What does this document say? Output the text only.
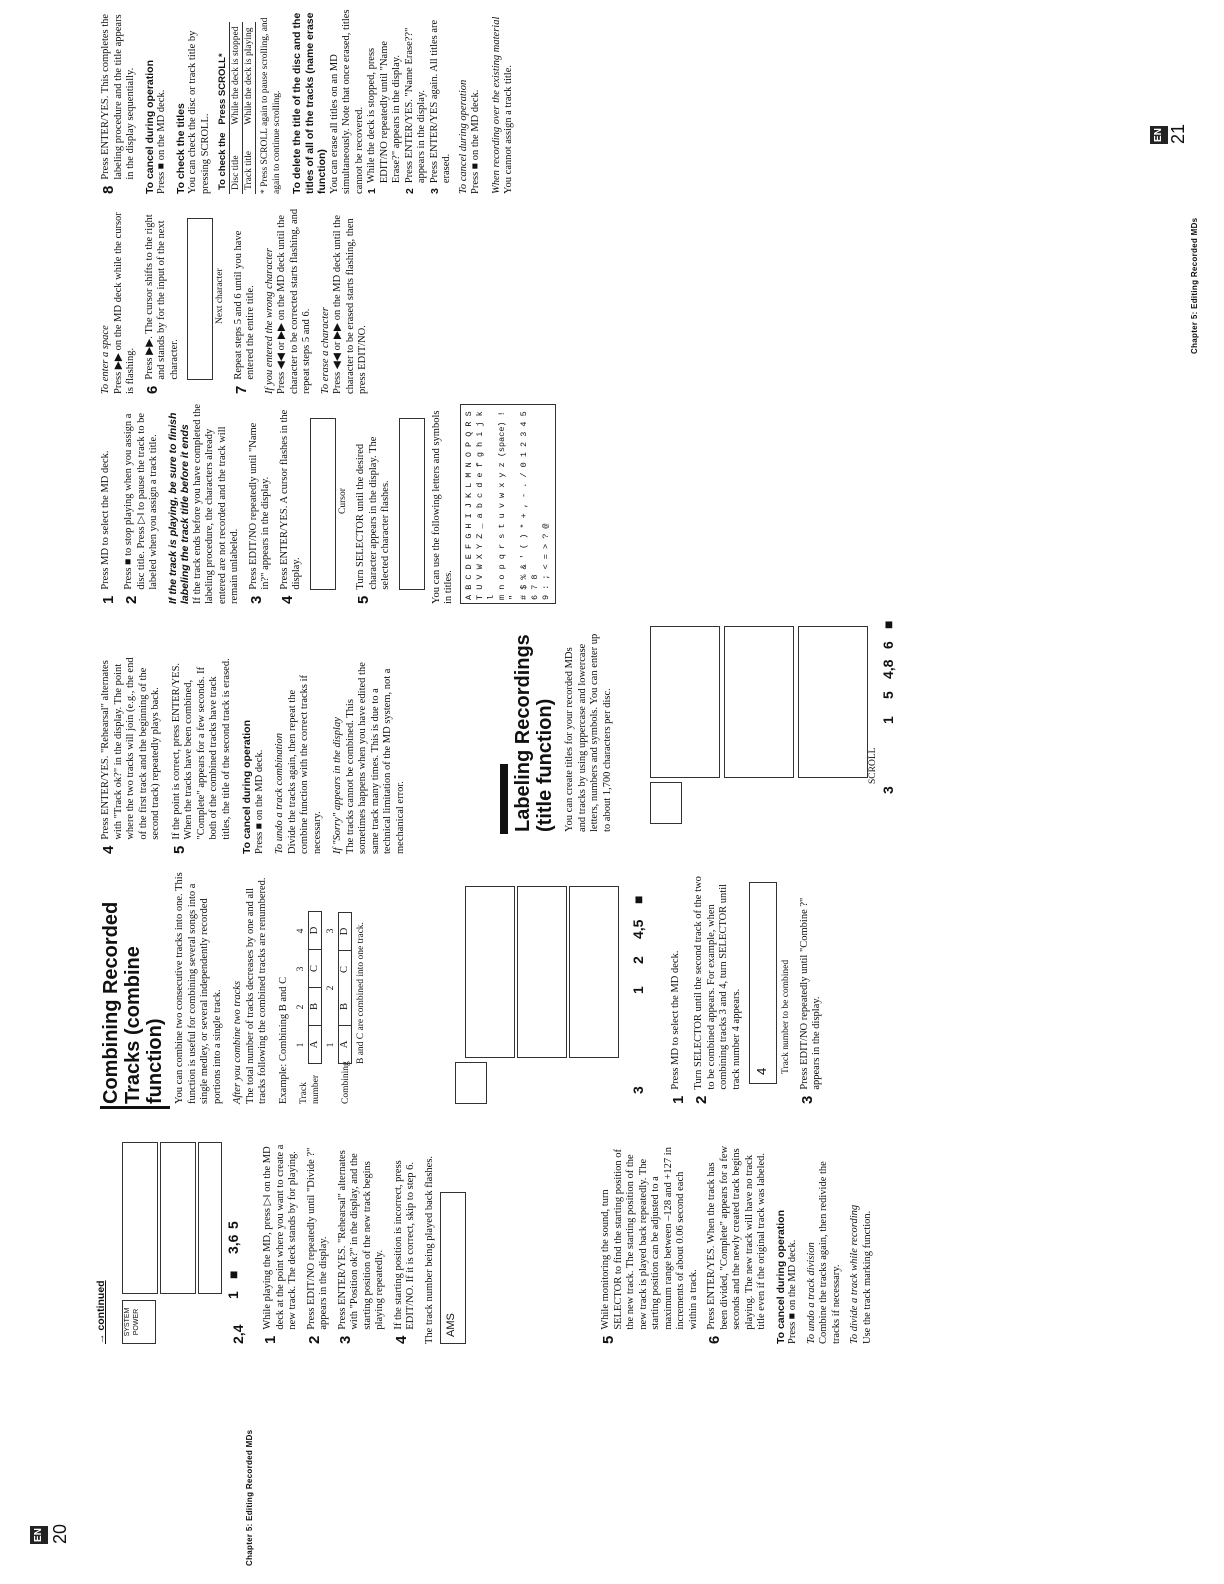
EN 20	Chapter 5: Editing Recorded MDs
→ continued SYSTEM POWER	2,4
5
3,6
■
1
1
While playing the MD, press ▷‖ on the MD deck at the point where you want to create a new track. The deck stands by for playing.
2
Press EDIT/NO repeatedly until "Divide ?" appears in the display.
3
Press ENTER/YES. "Rehearsal" alternates with "Position ok?" in the display, and the starting position of the new track begins playing repeatedly.
4
If the starting position is incorrect, press EDIT/NO. If it is correct, skip to step 6. The track number being played back flashes. AMS
5
While monitoring the sound, turn SELECTOR to find the starting position of the new track. The starting position of the new track is played back repeatedly. The starting position can be adjusted to a maximum range between –128 and +127 in increments of about 0.06 second each within a track.
6
Press ENTER/YES. When the track has been divided, "Complete" appears for a few seconds and the newly created track begins playing. The new track will have no track title even if the original track was labeled. To cancel during operation Press ■ on the MD deck. To undo a track division Combine the tracks again, then redivide the tracks if necessary. To divide a track while recording Use the track marking function.
Combining Recorded Tracks (combine function) You can combine two consecutive tracks into one. This function is useful for combining several songs into a single medley, or several independently recorded portions into a single track. After you combine two tracks The total number of tracks decreases by one and all tracks following the combined tracks are renumbered. Example: Combining B and C Track number
1
2
3
4
A
B
C
D
Combining
1
2
3
A
B
C
D B and C are combined into one track.
3
1
2
4,5
■
1
Press MD to select the MD deck.
2
Turn SELECTOR until the second track of the two to be combined appears. For example, when combining tracks 3 and 4, turn SELECTOR until track number 4 appears. 4 Track number to be combined
3
Press EDIT/NO repeatedly until "Combine ?" appears in the display.
4
Press ENTER/YES. "Rehearsal" alternates with "Track ok?" in the display. The point where the two tracks will join (e.g., the end of the first track and the beginning of the second track) repeatedly plays back.
5
If the point is correct, press ENTER/YES. When the tracks have been combined, "Complete" appears for a few seconds. If both of the combined tracks have track titles, the title of the second track is erased. To cancel during operation Press ■ on the MD deck. To undo a track combination Divide the tracks again, then repeat the combine function with the correct tracks if necessary. If "Sorry" appears in the display The tracks cannot be combined. This sometimes happens when you have edited the same track many times. This is due to a technical limitation of the MD system, not a mechanical error.	Labeling Recordings (title function) You can create titles for your recorded MDs and tracks by using uppercase and lowercase letters, numbers and symbols. You can enter up to about 1,700 characters per disc.	SCROLL
3
1
5
4,8
6
■
1
Press MD to select the MD deck.
2
Press ■ to stop playing when you assign a disc title. Press ▷‖ to pause the track to be labeled when you assign a track title. If the track is playing, be sure to finish labeling the track title before it ends If the track ends before you have completed the labeling procedure, the characters already entered are not recorded and the track will remain unlabeled. 3
Press EDIT/NO repeatedly until "Name in?" appears in the display.
4
Press ENTER/YES. A cursor flashes in the display.
Cursor
5
Turn SELECTOR until the desired character appears in the display. The selected character flashes.	You can use the following letters and symbols in titles. A B C D E F G H I J K L M N O P Q R S T U V W X Y Z _ a b c d e f g h i j k l m n o p q r s t u v w x y z (space) ! " # $ % & ' ( ) * + , - . / 0 1 2 3 4 5 6 7 8 9 : ; < = > ? @
To enter a space Press ▶▶ on the MD deck while the cursor is flashing. 6
Press ▶▶. The cursor shifts to the right and stands by for the input of the next character.
Next character
7
Repeat steps 5 and 6 until you have entered the entire title. If you entered the wrong character Press ◀◀ or ▶▶ on the MD deck until the character to be corrected starts flashing, and repeat steps 5 and 6. To erase a character Press ◀◀ or ▶▶ on the MD deck until the character to be erased starts flashing, then press EDIT/NO.
8
Press ENTER/YES. This completes the labeling procedure and the title appears in the display sequentially. To cancel during operation Press ■ on the MD deck. To check the titles You can check the disc or track title by pressing SCROLL. To check the	Press SCROLL*
Disc title	While the deck is stopped
Track title	While the deck is playing * Press SCROLL again to pause scrolling, and again to continue scrolling. To delete the title of the disc and the titles of all of the tracks (name erase function) You can erase all titles on an MD simultaneously. Note that once erased, titles cannot be recovered. 1
While the deck is stopped, press EDIT/NO repeatedly until "Name Erase?" appears in the display.
2
Press ENTER/YES. "Name Erase??" appears in the display.
3
Press ENTER/YES again. All titles are erased. To cancel during operation Press ■ on the MD deck. When recording over the existing material You cannot assign a track title.
Chapter 5: Editing Recorded MDs
EN 21
